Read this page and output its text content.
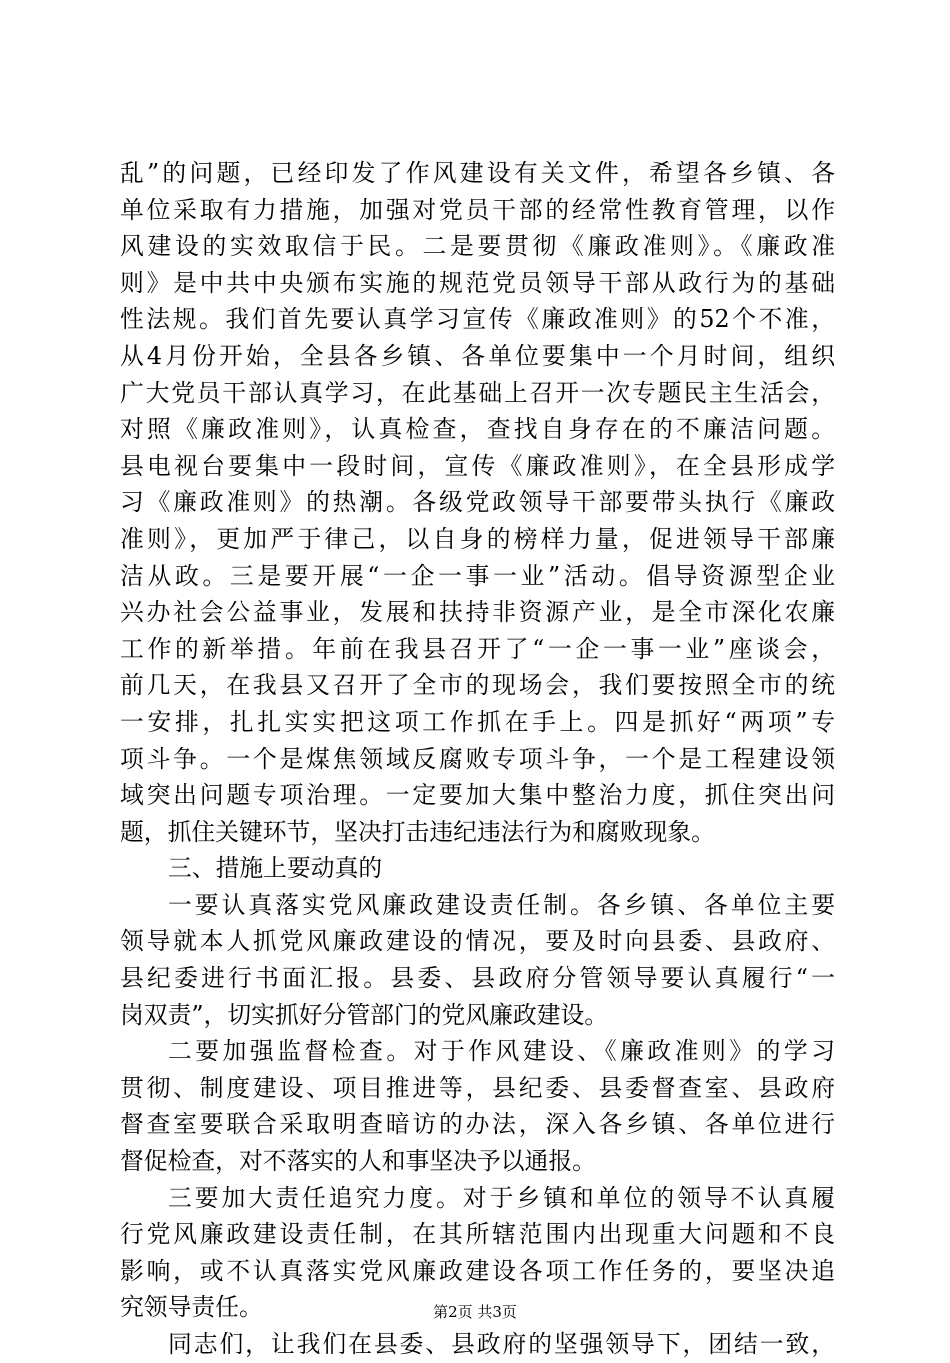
乱”的问题，已经印发了作风建设有关文件，希望各乡镇、各
单位采取有力措施，加强对党员干部的经常性教育管理，以作
风建设的实效取信于民。二是要贯彻《廉政准则》。《廉政准
则》是中共中央颁布实施的规范党员领导干部从政行为的基础
性法规。我们首先要认真学习宣传《廉政准则》的52个不准，
从4月份开始，全县各乡镇、各单位要集中一个月时间，组织
广大党员干部认真学习，在此基础上召开一次专题民主生活会，
对照《廉政准则》，认真检查，查找自身存在的不廉洁问题。
县电视台要集中一段时间，宣传《廉政准则》，在全县形成学
习《廉政准则》的热潮。各级党政领导干部要带头执行《廉政
准则》，更加严于律己，以自身的榜样力量，促进领导干部廉
洁从政。三是要开展“一企一事一业”活动。倡导资源型企业
兴办社会公益事业，发展和扶持非资源产业，是全市深化农廉
工作的新举措。年前在我县召开了“一企一事一业”座谈会，
前几天，在我县又召开了全市的现场会，我们要按照全市的统
一安排，扎扎实实把这项工作抓在手上。四是抓好“两项”专
项斗争。一个是煤焦领域反腐败专项斗争，一个是工程建设领
域突出问题专项治理。一定要加大集中整治力度，抓住突出问
题，抓住关键环节，坚决打击违纪违法行为和腐败现象。
三、措施上要动真的
一要认真落实党风廉政建设责任制。各乡镇、各单位主要
领导就本人抓党风廉政建设的情况，要及时向县委、县政府、
县纪委进行书面汇报。县委、县政府分管领导要认真履行“一
岗双责”，切实抓好分管部门的党风廉政建设。
二要加强监督检查。对于作风建设、《廉政准则》的学习
贯彻、制度建设、项目推进等，县纪委、县委督查室、县政府
督查室要联合采取明查暗访的办法，深入各乡镇、各单位进行
督促检查，对不落实的人和事坚决予以通报。
三要加大责任追究力度。对于乡镇和单位的领导不认真履
行党风廉政建设责任制，在其所辖范围内出现重大问题和不良
影响，或不认真落实党风廉政建设各项工作任务的，要坚决追
究领导责任。
同志们，让我们在县委、县政府的坚强领导下，团结一致，
第2页 共3页
